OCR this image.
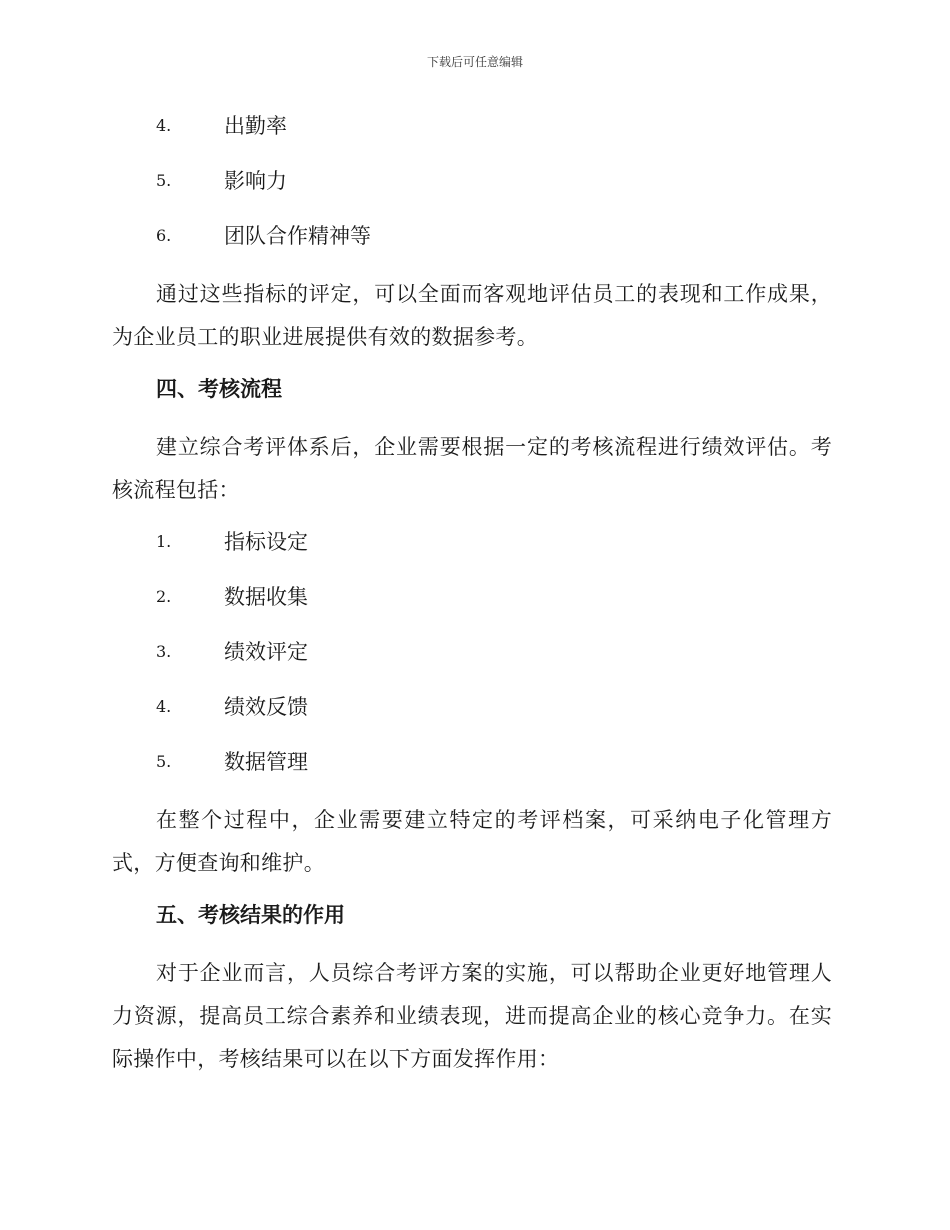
下载后可任意编辑
4.	出勤率
5.	影响力
6.	团队合作精神等

通过这些指标的评定，可以全面而客观地评估员工的表现和工作成果，为企业员工的职业进展提供有效的数据参考。

四、考核流程

建立综合考评体系后，企业需要根据一定的考核流程进行绩效评估。考核流程包括：

1.	指标设定
2.	数据收集
3.	绩效评定
4.	绩效反馈
5.	数据管理

在整个过程中，企业需要建立特定的考评档案，可采纳电子化管理方式，方便查询和维护。

五、考核结果的作用

对于企业而言，人员综合考评方案的实施，可以帮助企业更好地管理人力资源，提高员工综合素养和业绩表现，进而提高企业的核心竞争力。在实际操作中，考核结果可以在以下方面发挥作用：
